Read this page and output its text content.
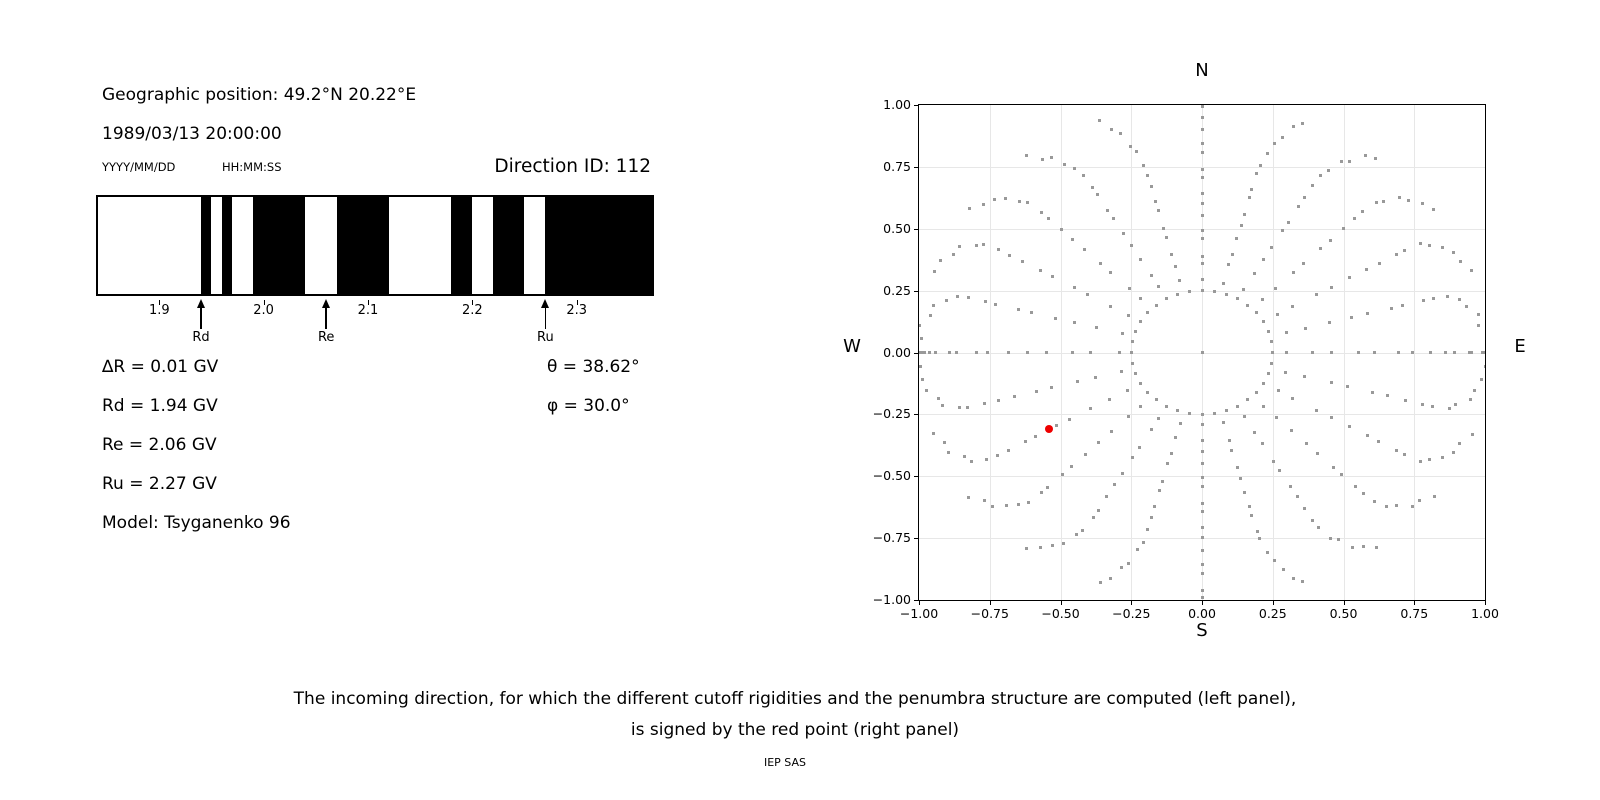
Geographic position: 49.2°N 20.22°E
1989/03/13 20:00:00
YYYY/MM/DD	HH:MM:SS	Direction ID: 112
∆R = 0.01 GV
Rd = 1.94 GV
Re = 2.06 GV
Ru = 2.27 GV
Model: Tsyganenko 96
θ = 38.62°
φ = 30.0°
N
S
W	E
The incoming direction, for which the different cutoff rigidities and the penumbra structure are computed (left panel),
is signed by the red point (right panel)
IEP SAS
1.9	2.0	2.1	2.2	2.3
Rd	Re	Ru
−1.00	−0.75	−0.50	−0.25	0.00	0.25	0.50	0.75	1.00
1.00
0.75
0.50
0.25
0.00
−0.25
−0.50
−0.75
−1.00
